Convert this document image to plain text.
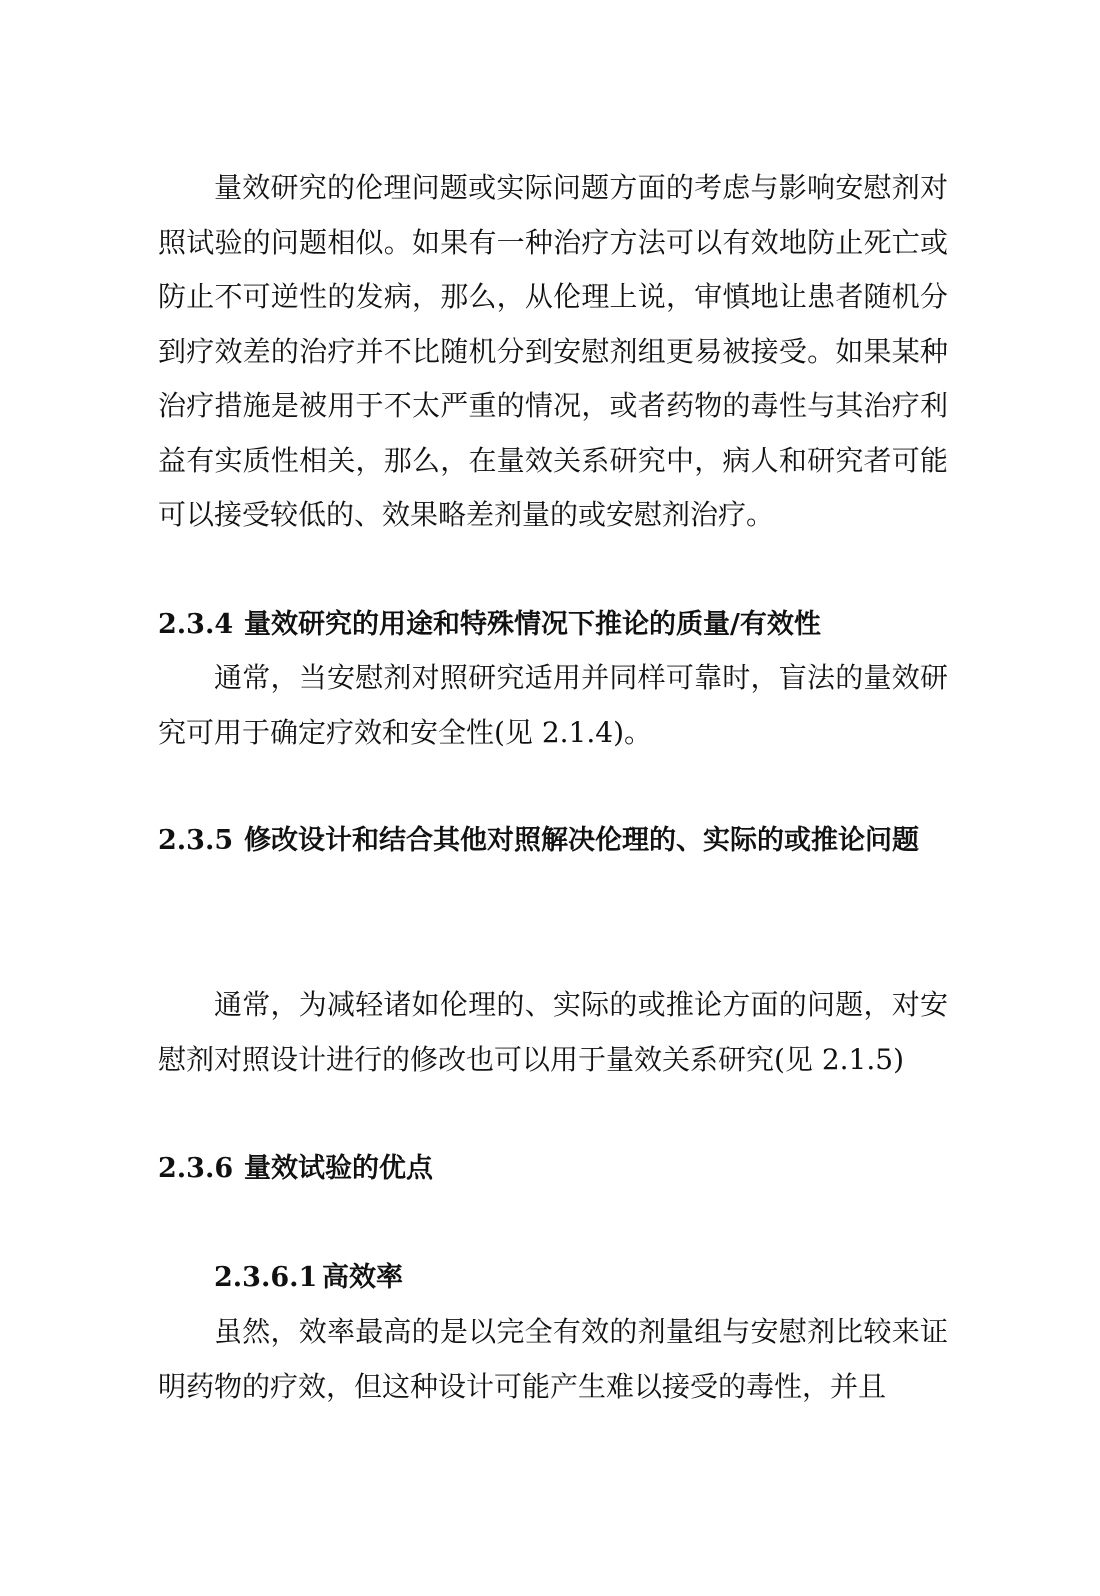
量效研究的伦理问题或实际问题方面的考虑与影响安慰剂对照试验的问题相似。如果有一种治疗方法可以有效地防止死亡或防止不可逆性的发病，那么，从伦理上说，审慎地让患者随机分到疗效差的治疗并不比随机分到安慰剂组更易被接受。如果某种治疗措施是被用于不太严重的情况，或者药物的毒性与其治疗利益有实质性相关，那么，在量效关系研究中，病人和研究者可能可以接受较低的、效果略差剂量的或安慰剂治疗。

2.3.4 量效研究的用途和特殊情况下推论的质量/有效性

通常，当安慰剂对照研究适用并同样可靠时，盲法的量效研究可用于确定疗效和安全性(见 2.1.4)。

2.3.5 修改设计和结合其他对照解决伦理的、实际的或推论问题

通常，为减轻诸如伦理的、实际的或推论方面的问题，对安慰剂对照设计进行的修改也可以用于量效关系研究(见 2.1.5)

2.3.6 量效试验的优点
2.3.6.1 高效率

虽然，效率最高的是以完全有效的剂量组与安慰剂比较来证明药物的疗效，但这种设计可能产生难以接受的毒性，并且
